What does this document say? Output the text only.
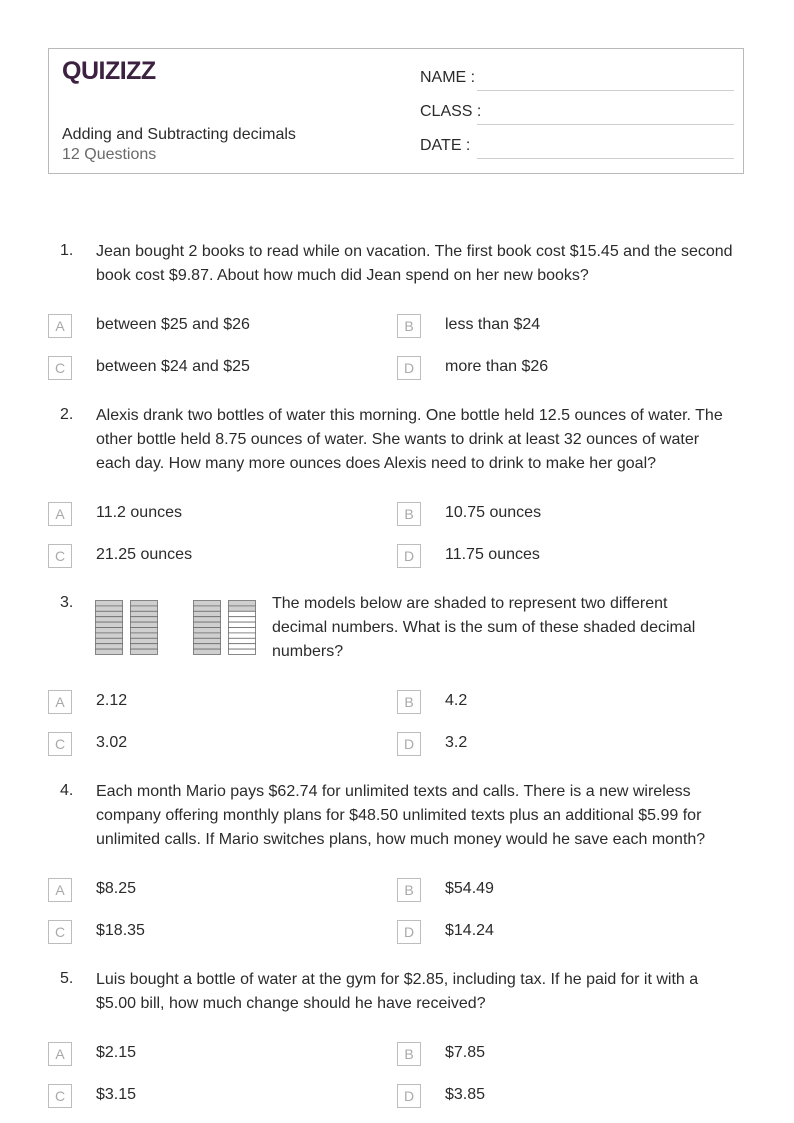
QUIZIZZ
Adding and Subtracting decimals
12 Questions
NAME :
CLASS :
DATE :
1. Jean bought 2 books to read while on vacation. The first book cost $15.45 and the second book cost $9.87. About how much did Jean spend on her new books?
A	between $25 and $26	B	less than $24
C	between $24 and $25	D	more than $26
2. Alexis drank two bottles of water this morning. One bottle held 12.5 ounces of water. The other bottle held 8.75 ounces of water. She wants to drink at least 32 ounces of water each day. How many more ounces does Alexis need to drink to make her goal?
A	11.2 ounces	B	10.75 ounces
C	21.25 ounces	D	11.75 ounces
3.	The models below are shaded to represent two different decimal numbers. What is the sum of these shaded decimal numbers?
A	2.12	B	4.2
C	3.02	D	3.2
4. Each month Mario pays $62.74 for unlimited texts and calls. There is a new wireless company offering monthly plans for $48.50 unlimited texts plus an additional $5.99 for unlimited calls. If Mario switches plans, how much money would he save each month?
A	$8.25	B	$54.49
C	$18.35	D	$14.24
5. Luis bought a bottle of water at the gym for $2.85, including tax. If he paid for it with a $5.00 bill, how much change should he have received?
A	$2.15	B	$7.85
C	$3.15	D	$3.85
